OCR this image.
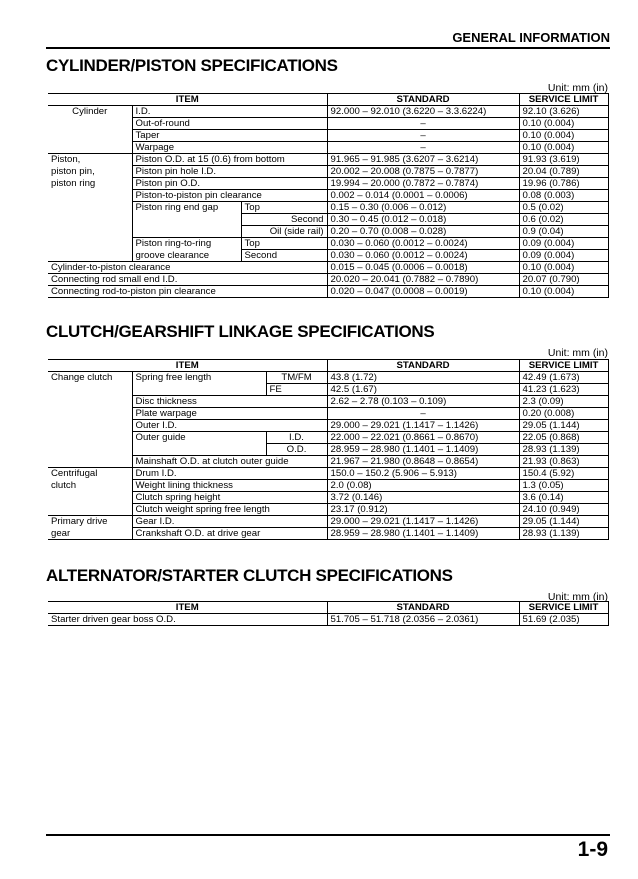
GENERAL INFORMATION
CYLINDER/PISTON SPECIFICATIONS
Unit: mm (in)
ITEM			STANDARD	SERVICE LIMIT
Cylinder	I.D.		92.000 – 92.010 (3.6220 – 3.3.6224)	92.10 (3.626)
	Out-of-round		–	0.10 (0.004)
	Taper		–	0.10 (0.004)
	Warpage		–	0.10 (0.004)
Piston,	Piston O.D. at 15 (0.6) from bottom		91.965 – 91.985 (3.6207 – 3.6214)	91.93 (3.619)
piston pin,	Piston pin hole I.D.		20.002 – 20.008 (0.7875 – 0.7877)	20.04 (0.789)
piston ring	Piston pin O.D.		19.994 – 20.000 (0.7872 – 0.7874)	19.96 (0.786)
	Piston-to-piston pin clearance		0.002 – 0.014 (0.0001 – 0.0006)	0.08 (0.003)
	Piston ring end gap	Top	0.15 – 0.30 (0.006 – 0.012)	0.5 (0.02)
		Second	0.30 – 0.45 (0.012 – 0.018)	0.6 (0.02)
		Oil (side rail)	0.20 – 0.70 (0.008 – 0.028)	0.9 (0.04)
	Piston ring-to-ring	Top	0.030 – 0.060 (0.0012 – 0.0024)	0.09 (0.004)
	groove clearance	Second	0.030 – 0.060 (0.0012 – 0.0024)	0.09 (0.004)
Cylinder-to-piston clearance			0.015 – 0.045 (0.0006 – 0.0018)	0.10 (0.004)
Connecting rod small end I.D.			20.020 – 20.041 (0.7882 – 0.7890)	20.07 (0.790)
Connecting rod-to-piston pin clearance			0.020 – 0.047 (0.0008 – 0.0019)	0.10 (0.004)
CLUTCH/GEARSHIFT LINKAGE SPECIFICATIONS
Unit: mm (in)
ITEM			STANDARD	SERVICE LIMIT
Change clutch	Spring free length	TM/FM	43.8 (1.72)	42.49 (1.673)
		FE	42.5 (1.67)	41.23 (1.623)
	Disc thickness		2.62 – 2.78 (0.103 – 0.109)	2.3 (0.09)
	Plate warpage		–	0.20 (0.008)
	Outer I.D.		29.000 – 29.021 (1.1417 – 1.1426)	29.05 (1.144)
	Outer guide	I.D.	22.000 – 22.021 (0.8661 – 0.8670)	22.05 (0.868)
		O.D.	28.959 – 28.980 (1.1401 – 1.1409)	28.93 (1.139)
	Mainshaft O.D. at clutch outer guide		21.967 – 21.980 (0.8648 – 0.8654)	21.93 (0.863)
Centrifugal	Drum I.D.		150.0 – 150.2 (5.906 – 5.913)	150.4 (5.92)
clutch	Weight lining thickness		2.0 (0.08)	1.3 (0.05)
	Clutch spring height		3.72 (0.146)	3.6 (0.14)
	Clutch weight spring free length		23.17 (0.912)	24.10 (0.949)
Primary drive	Gear I.D.		29.000 – 29.021 (1.1417 – 1.1426)	29.05 (1.144)
gear	Crankshaft O.D. at drive gear		28.959 – 28.980 (1.1401 – 1.1409)	28.93 (1.139)
ALTERNATOR/STARTER CLUTCH SPECIFICATIONS
Unit: mm (in)
ITEM	STANDARD	SERVICE LIMIT
Starter driven gear boss O.D.	51.705 – 51.718 (2.0356 – 2.0361)	51.69 (2.035)
1-9
